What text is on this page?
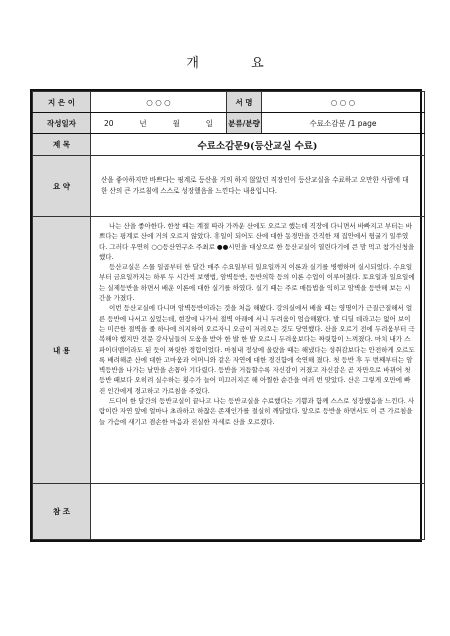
개 요
지 은 이	○ ○ ○	서 명	○ ○ ○
작성일자	20 년 월 일	분류/분량	수료소감문 /1 page
제 목	수료소감문9(등산교실 수료)		
요 약	산을 좋아하지만 바쁘다는 핑계로 등산을 거의 하지 않았던 직장인이 등산교실을 수료하고 오만한 사람에 대한 산의 큰 가르침에 스스로 성장했음을 느낀다는 내용입니다.		
내 용	나는 산을 좋아한다. 한창 때는 계절 따라 가까운 산에도 오르고 했는데 직장에 다니면서 바빠지고 부터는 바쁘다는 핑계로 산에 거의 오르지 않았다. 휴일이 되어도 산에 대한 동경만을 간직한 채 집안에서 뒹굴기 일쑤였다. 그러다 우연히 ○○등산연구소 주최로 ●●시민을 대상으로 한 등산교실이 열린다기에 큰 맘 먹고 참가신청을 했다.

등산교실은 스물 일곱부터 한 달간 매주 수요일부터 일요일까지 이론과 실기를 병행하며 실시되었다. 수요일부터 금요일까지는 하루 두 시간씩 보행법, 암벽등반, 등반의학 등의 이론 수업이 이루어졌다. 토요일과 일요일에는 실제등반을 하면서 배운 이론에 대한 실기를 하였다. 실기 때는 주로 매듭법을 익히고 암벽을 등반해 보는 시간을 가졌다.

이번 등산교실에 다니며 암벽등반이라는 것을 처음 해봤다. 강의실에서 배울 때는 영명이가 근질근질해서 얼른 등반에 나서고 싶었는데, 현장에 나가서 절벽 아래에 서니 두려움이 엄습해왔다. 발 디딜 데라고는 없어 보이는 미끈한 절벽을 줄 하나에 의지하여 오르자니 오금이 저려오는 것도 당연했다. 산을 오르기 전에 두려움부터 극복해야 했지만 전문 강사님들의 도움을 받아 한 발 한 발 오르니 두려움보다는 짜릿함이 느껴졌다. 마치 내가 스파이더맨이라도 된 듯이 짜릿한 경험이었다. 마침내 정상에 올랐을 때는 해냈다는 성취감보다는 안전하게 오르도록 배려해준 산에 대한 고마움과 어머니와 같은 자연에 대한 경건함에 숙연해 졌다. 첫 등반 후 두 번째부터는 암벽등반을 나가는 날만을 손꼽아 기다렸다. 등반을 거듭할수록 자신감이 커졌고 자신감은 곧 자만으로 바뀌어 첫 등반 때보다 오히려 실수하는 횟수가 늘어 미끄러지곤 해 아찔한 순간을 여러 번 맞았다. 산은 그렇게 오만에 빠진 인간에게 경고하고 가르침을 주었다.

드디어 한 달간의 등반교실이 끝나고 나는 등반교실을 수료했다는 기쁨과 함께 스스로 성장했음을 느낀다. 사람이란 자연 앞에 얼마나 초라하고 하찮은 존재인가를 절실히 깨달았다. 앞으로 등반을 하면서도 이 큰 가르침을 늘 가슴에 새기고 겸손한 마음과 진실한 자세로 산을 오르겠다.		

참 조			
